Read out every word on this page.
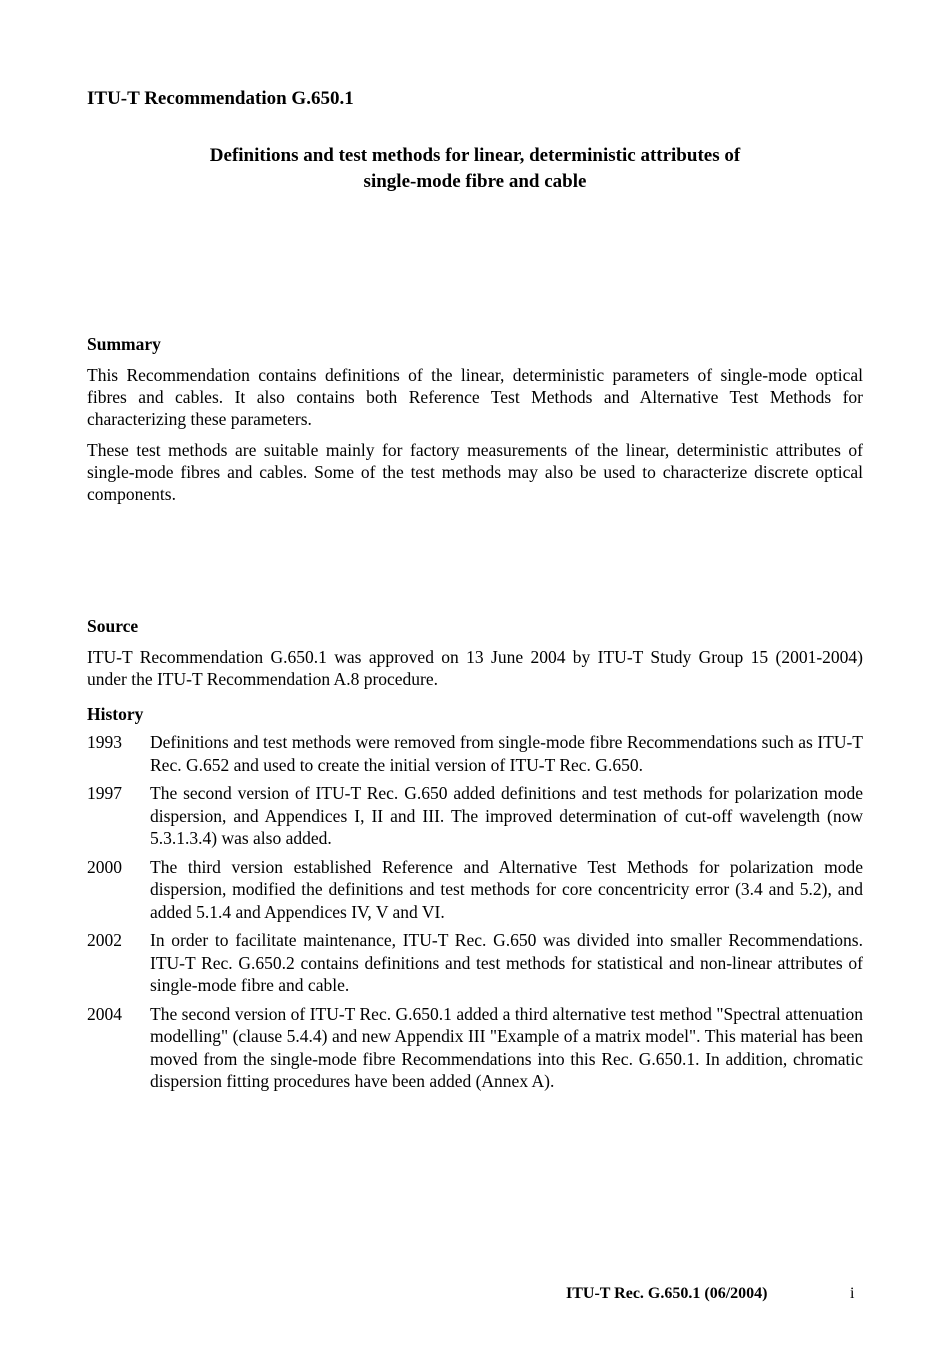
ITU-T Recommendation G.650.1
Definitions and test methods for linear, deterministic attributes of
single-mode fibre and cable
Summary

This Recommendation contains definitions of the linear, deterministic parameters of single-mode optical fibres and cables. It also contains both Reference Test Methods and Alternative Test Methods for characterizing these parameters.

These test methods are suitable mainly for factory measurements of the linear, deterministic attributes of single-mode fibres and cables. Some of the test methods may also be used to characterize discrete optical components.

Source

ITU-T Recommendation G.650.1 was approved on 13 June 2004 by ITU-T Study Group 15 (2001-2004) under the ITU-T Recommendation A.8 procedure.

History
1993	Definitions and test methods were removed from single-mode fibre Recommendations such as ITU-T Rec. G.652 and used to create the initial version of ITU-T Rec. G.650.
1997	The second version of ITU-T Rec. G.650 added definitions and test methods for polarization mode dispersion, and Appendices I, II and III. The improved determination of cut-off wavelength (now 5.3.1.3.4) was also added.
2000	The third version established Reference and Alternative Test Methods for polarization mode dispersion, modified the definitions and test methods for core concentricity error (3.4 and 5.2), and added 5.1.4 and Appendices IV, V and VI.
2002	In order to facilitate maintenance, ITU-T Rec. G.650 was divided into smaller Recommendations. ITU-T Rec. G.650.2 contains definitions and test methods for statistical and non-linear attributes of single-mode fibre and cable.
2004	The second version of ITU-T Rec. G.650.1 added a third alternative test method "Spectral attenuation modelling" (clause 5.4.4) and new Appendix III "Example of a matrix model". This material has been moved from the single-mode fibre Recommendations into this Rec. G.650.1. In addition, chromatic dispersion fitting procedures have been added (Annex A).
ITU-T Rec. G.650.1 (06/2004)	i
